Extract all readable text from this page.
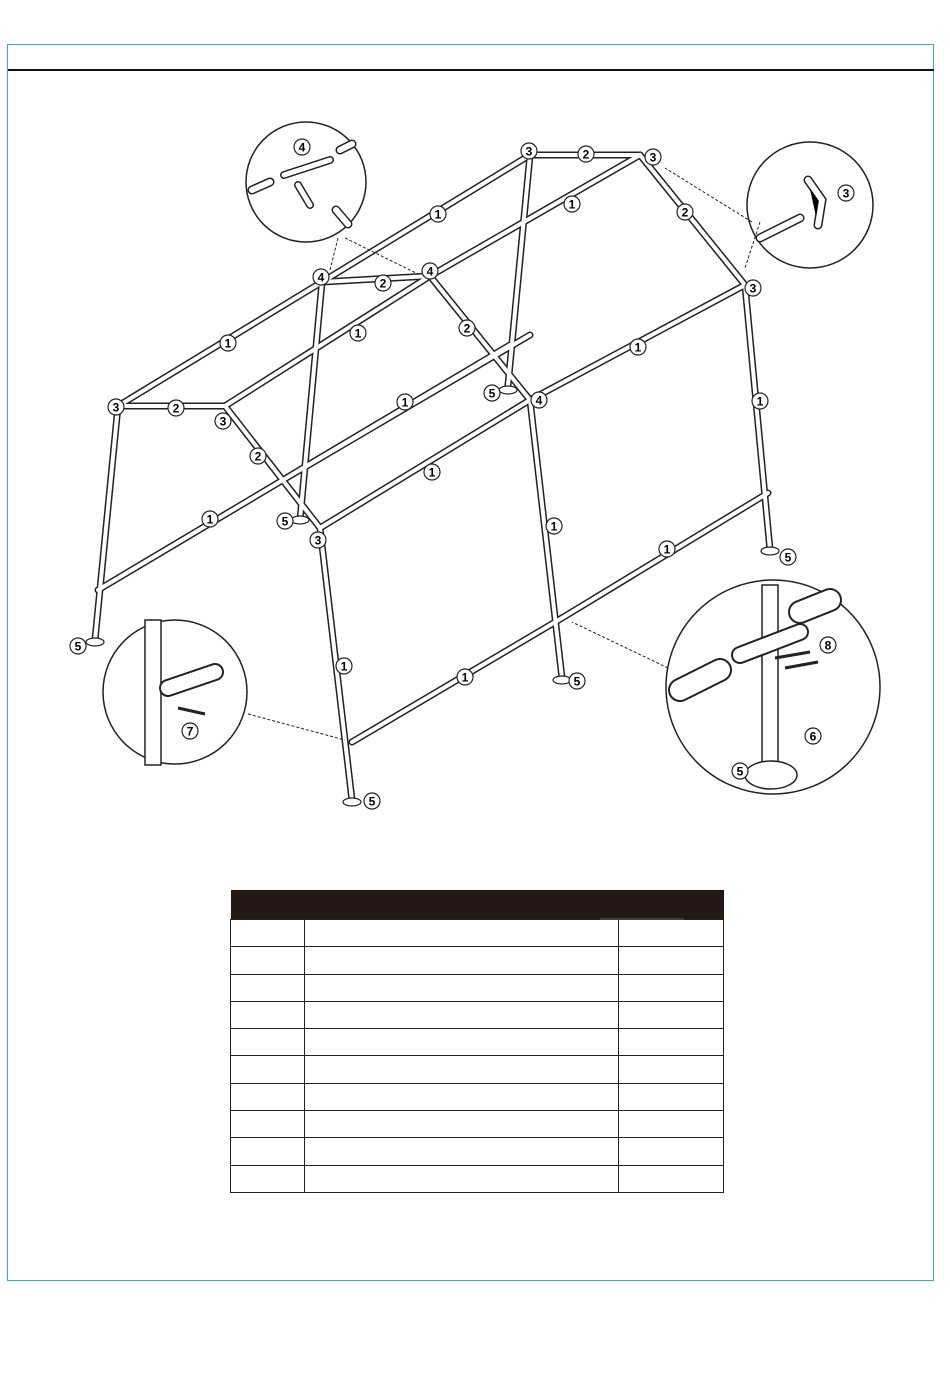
1
1
1
1
1
1
1
1
1
1
1
1
1
2
2
2
2
2
2
3
3
3
3	3
3
3
4	4
4
4
5
5
5
5
5
5
5
6
7
8
